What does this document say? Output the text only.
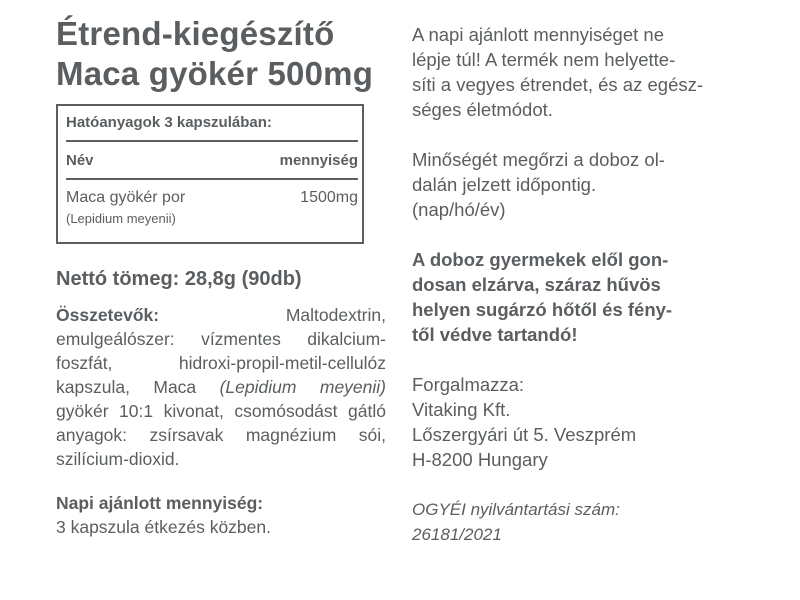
Étrend-kiegészítő
Maca gyökér 500mg
Hatóanyagok 3 kapszulában:
Név	mennyiség
Maca gyökér por	1500mg
(Lepidium meyenii)
Nettó tömeg: 28,8g (90db)
Összetevők: Maltodextrin, emulgeálószer: vízmentes dikalcium-foszfát, hidroxi-propil-metil-cellulóz kapszula, Maca (Lepidium meyenii) gyökér 10:1 kivonat, csomósodást gátló anyagok: zsírsavak magnézium sói, szilícium-dioxid.
Napi ajánlott mennyiség:
3 kapszula étkezés közben.

A napi ajánlott mennyiséget ne
lépje túl! A termék nem helyette-
síti a vegyes étrendet, és az egész-
séges életmódot.

Minőségét megőrzi a doboz ol-
dalán jelzett időpontig.
(nap/hó/év)

A doboz gyermekek elől gon-
dosan elzárva, száraz hűvös
helyen sugárzó hőtől és fény-
től védve tartandó!

Forgalmazza:
Vitaking Kft.
Lőszergyári út 5. Veszprém
H-8200 Hungary

OGYÉI nyilvántartási szám:
26181/2021
